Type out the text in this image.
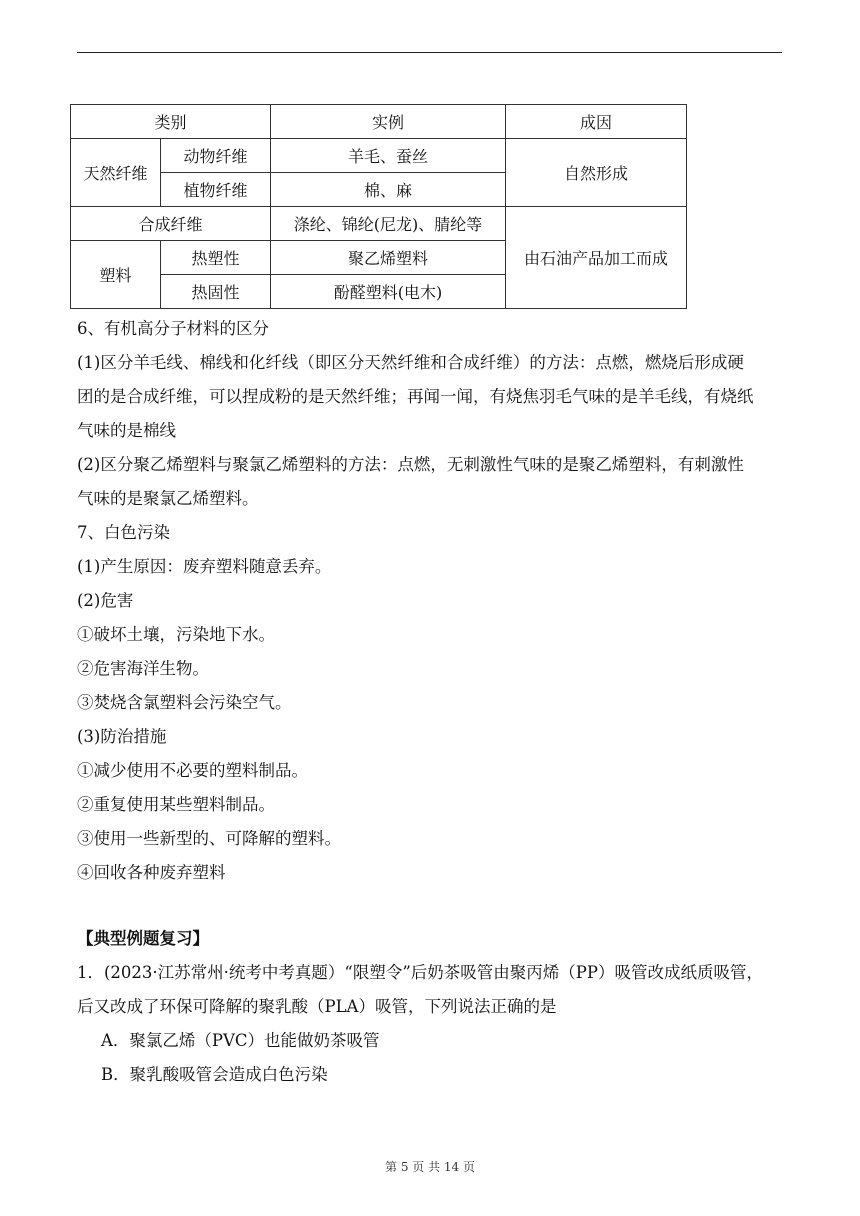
类别		实例	成因
天然纤维	动物纤维	羊毛、蚕丝	自然形成
	植物纤维	棉、麻	
合成纤维		涤纶、锦纶(尼龙)、腈纶等	由石油产品加工而成
塑料	热塑性	聚乙烯塑料	
	热固性	酚醛塑料(电木)	

6、有机高分子材料的区分

(1)区分羊毛线、棉线和化纤线（即区分天然纤维和合成纤维）的方法：点燃，燃烧后形成硬

团的是合成纤维，可以捏成粉的是天然纤维；再闻一闻，有烧焦羽毛气味的是羊毛线，有烧纸

气味的是棉线

(2)区分聚乙烯塑料与聚氯乙烯塑料的方法：点燃，无刺激性气味的是聚乙烯塑料，有刺激性

气味的是聚氯乙烯塑料。

7、白色污染

(1)产生原因：废弃塑料随意丢弃。

(2)危害

①破坏土壤，污染地下水。

②危害海洋生物。

③焚烧含氯塑料会污染空气。

(3)防治措施

①减少使用不必要的塑料制品。

②重复使用某些塑料制品。

③使用一些新型的、可降解的塑料。

④回收各种废弃塑料

【典型例题复习】

1．(2023·江苏常州·统考中考真题）“限塑令”后奶茶吸管由聚丙烯（PP）吸管改成纸质吸管，

后又改成了环保可降解的聚乳酸（PLA）吸管，下列说法正确的是

A．聚氯乙烯（PVC）也能做奶茶吸管

B．聚乳酸吸管会造成白色污染

第 5 页 共 14 页
